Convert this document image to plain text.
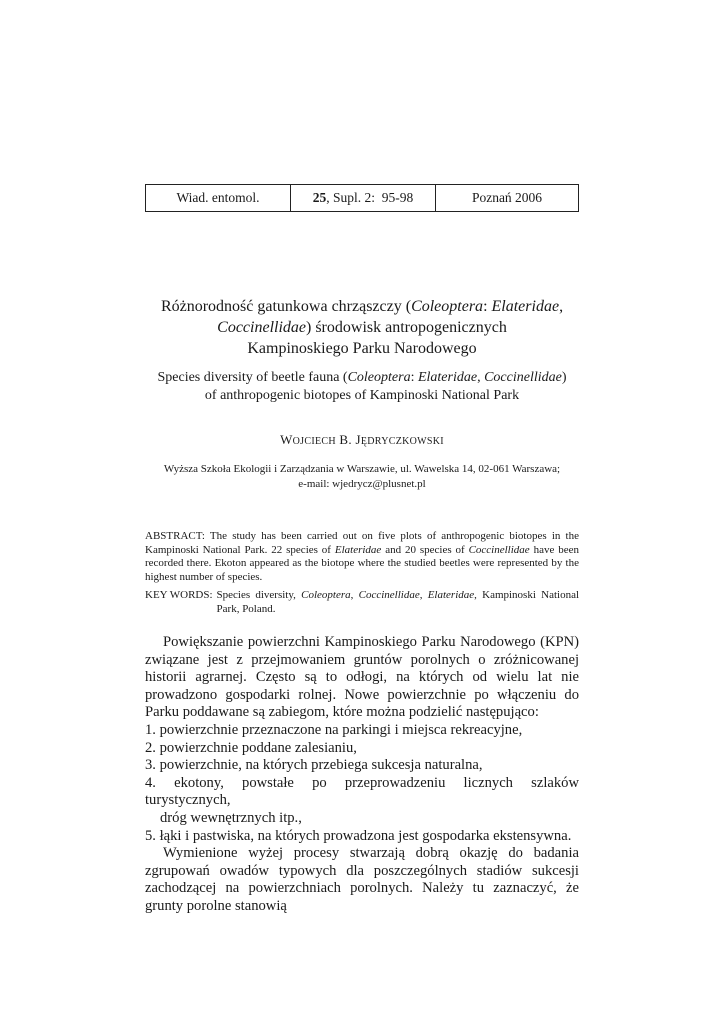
Wiad. entomol.	25 , Supl. 2:  95-98	Poznań 2006
Różnorodność gatunkowa chrząszczy (Coleoptera: Elateridae,
Coccinellidae) środowisk antropogenicznych
Kampinoskiego Parku Narodowego
Species diversity of beetle fauna (Coleoptera: Elateridae, Coccinellidae)
of anthropogenic biotopes of Kampinoski National Park
WOJCIECH B. JĘDRYCZKOWSKI
Wyższa Szkoła Ekologii i Zarządzania w Warszawie, ul. Wawelska 14, 02-061 Warszawa;
e-mail: wjedrycz@plusnet.pl
ABSTRACT: The study has been carried out on five plots of anthropogenic biotopes in the Kampinoski National Park. 22 species of Elateridae and 20 species of Coccinellidae have been recorded there. Ekoton appeared as the biotope where the studied beetles were represented by the highest number of species.
KEY WORDS: Species diversity, Coleoptera, Coccinellidae, Elateridae, Kampinoski National Park, Poland.

Powiększanie powierzchni Kampinoskiego Parku Narodowego (KPN) związane jest z przejmowaniem gruntów porolnych o zróżnicowanej historii agrarnej. Często są to odłogi, na których od wielu lat nie prowadzono gospodarki rolnej. Nowe powierzchnie po włączeniu do Parku poddawane są zabiegom, które można podzielić następująco:

1. powierzchnie przeznaczone na parkingi i miejsca rekreacyjne,

2. powierzchnie poddane zalesianiu,

3. powierzchnie, na których przebiega sukcesja naturalna,

4. ekotony, powstałe po przeprowadzeniu licznych szlaków turystycznych,

dróg wewnętrznych itp.,

5. łąki i pastwiska, na których prowadzona jest gospodarka ekstensywna.

Wymienione wyżej procesy stwarzają dobrą okazję do badania zgrupowań owadów typowych dla poszczególnych stadiów sukcesji zachodzącej na powierzchniach porolnych. Należy tu zaznaczyć, że grunty porolne stanowią
